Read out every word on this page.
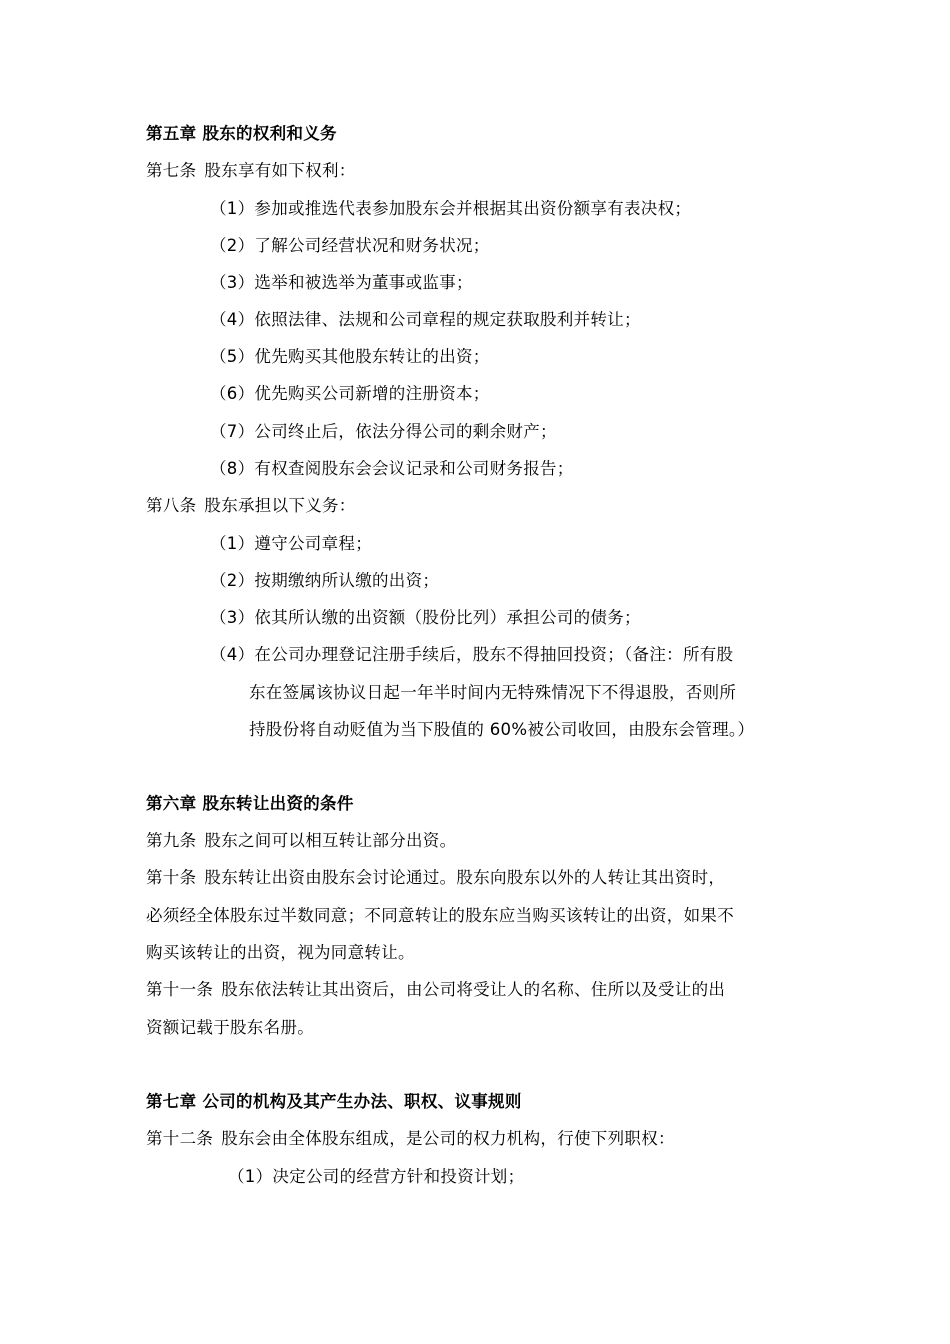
第五章 股东的权利和义务
第七条 股东享有如下权利：
（1）参加或推选代表参加股东会并根据其出资份额享有表决权；
（2）了解公司经营状况和财务状况；
（3）选举和被选举为董事或监事；
（4）依照法律、法规和公司章程的规定获取股利并转让；
（5）优先购买其他股东转让的出资；
（6）优先购买公司新增的注册资本；
（7）公司终止后，依法分得公司的剩余财产；
（8）有权查阅股东会会议记录和公司财务报告；
第八条 股东承担以下义务：
（1）遵守公司章程；
（2）按期缴纳所认缴的出资；
（3）依其所认缴的出资额（股份比列）承担公司的债务；
（4）在公司办理登记注册手续后，股东不得抽回投资；（备注：所有股
东在签属该协议日起一年半时间内无特殊情况下不得退股，否则所
持股份将自动贬值为当下股值的 60%被公司收回，由股东会管理。）
第六章 股东转让出资的条件
第九条 股东之间可以相互转让部分出资。
第十条 股东转让出资由股东会讨论通过。股东向股东以外的人转让其出资时，
必须经全体股东过半数同意；不同意转让的股东应当购买该转让的出资，如果不
购买该转让的出资，视为同意转让。
第十一条 股东依法转让其出资后，由公司将受让人的名称、住所以及受让的出
资额记载于股东名册。
第七章 公司的机构及其产生办法、职权、议事规则
第十二条 股东会由全体股东组成，是公司的权力机构，行使下列职权：
（1）决定公司的经营方针和投资计划；
